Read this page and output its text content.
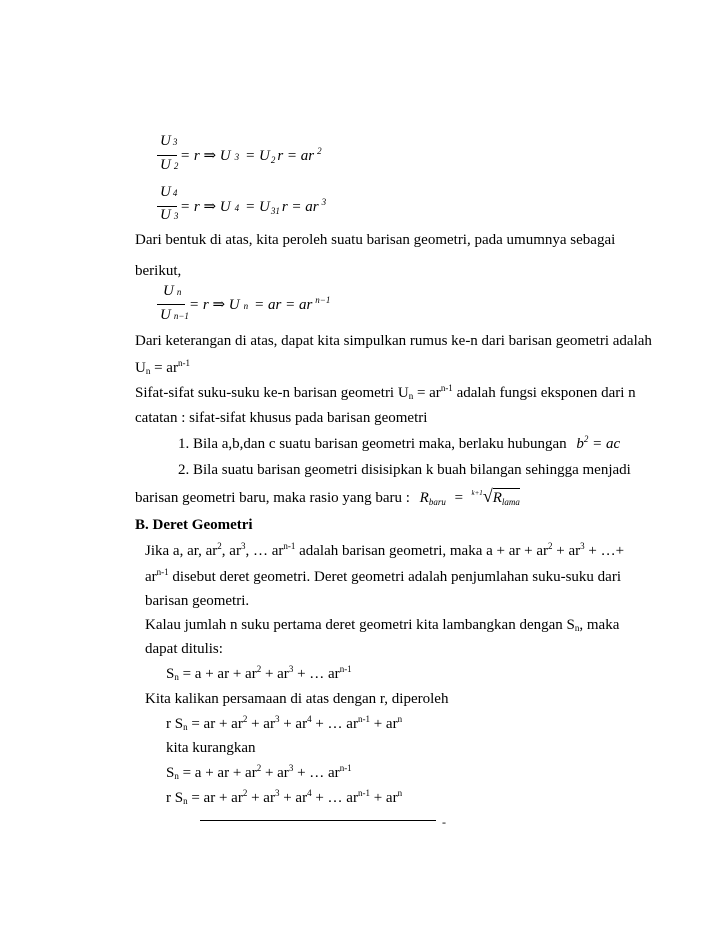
U 3
U 2
= r ⇒ U $3 = U_2$ r = ar $^2$
U 4
U 3
= r ⇒ U $4 = U_{31}$ r = ar $^3$
Dari bentuk di atas, kita peroleh suatu barisan geometri, pada umumnya sebagai
berikut,
Un
Un−1
= r ⇒ U n = ar = ar $^{n-1}$
Dari keterangan di atas, dapat kita simpulkan rumus ke-n dari barisan geometri adalah
$U_n = ar^{n-1}$
Sifat-sifat suku-suku ke-n barisan geometri $U_n = ar^{n-1}$ adalah fungsi eksponen dari n
catatan : sifat-sifat khusus pada barisan geometri
1. Bila a,b,dan c suatu barisan geometri maka, berlaku hubungan $b^2$ = ac
2. Bila suatu barisan geometri disisipkan k buah bilangan sehingga menjadi
barisan geometri baru, maka rasio yang baru : $R_{baru} = ^{k+1}√R_{lama}$
B. Deret Geometri
Jika a, ar, $ar^2$, $ar^3$, … $ar^{n-1}$ adalah barisan geometri, maka a + ar + $ar^2 + ar^3$ + …+
$ar^{n-1}$ disebut deret geometri. Deret geometri adalah penjumlahan suku-suku dari
barisan geometri.
Kalau jumlah n suku pertama deret geometri kita lambangkan dengan $S_n$, maka
dapat ditulis:
$S_n = a$ + ar + $ar^2 + ar^3$ + … $ar^{n-1}$
Kita kalikan persamaan di atas dengan r, diperoleh
r $S_n$ = ar + $ar^2 + ar^3 + ar^4$ + … $ar^{n-1} + ar^n$
kita kurangkan
$S_n = a$ + ar + $ar^2 + ar^3$ + … $ar^{n-1}$
r $S_n$ = ar + $ar^2 + ar^3 + ar^4$ + … $ar^{n-1} + ar^n$
-
